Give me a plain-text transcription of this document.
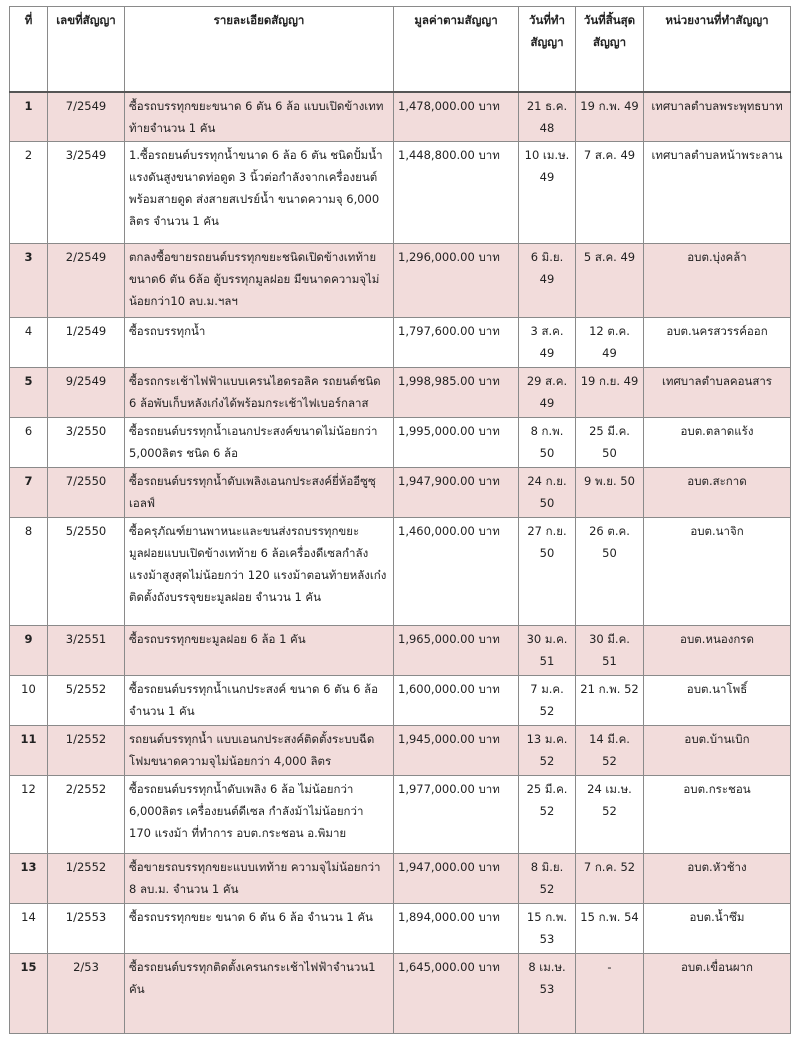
ที่	เลขที่สัญญา	รายละเอียดสัญญา	มูลค่าตามสัญญา	วันที่ทำสัญญา	วันที่สิ้นสุดสัญญา	หน่วยงานที่ทำสัญญา
1	7/2549	ซื้อรถบรรทุกขยะขนาด 6 ตัน 6 ล้อ แบบเปิดข้างเททท้ายจำนวน 1 คัน	1,478,000.00 บาท	21 ธ.ค. 48	19 ก.พ. 49	เทศบาลตำบลพระพุทธบาท
2	3/2549	1.ซื้อรถยนต์บรรทุกน้ำขนาด 6 ล้อ 6 ตัน ชนิดปั้มน้ำแรงดันสูงขนาดท่อดูด 3 นิ้วต่อกำลังจากเครื่องยนต์พร้อมสายดูด ส่งสายสเปรย์น้ำ ขนาดความจุ 6,000 ลิตร จำนวน 1 คัน	1,448,800.00 บาท	10 เม.ษ. 49	7 ส.ค. 49	เทศบาลตำบลหน้าพระลาน
3	2/2549	ตกลงซื้อขายรถยนต์บรรทุกขยะชนิดเปิดข้างเทท้ายขนาด6 ตัน 6ล้อ ตู้บรรทุกมูลฝอย มีขนาดความจุไม่น้อยกว่า10 ลบ.ม.ฯลฯ	1,296,000.00 บาท	6 มิ.ย. 49	5 ส.ค. 49	อบต.บุ่งคล้า
4	1/2549	ซื้อรถบรรทุกน้ำ	1,797,600.00 บาท	3 ส.ค. 49	12 ต.ค. 49	อบต.นครสวรรค์ออก
5	9/2549	ซื้อรถกระเช้าไฟฟ้าแบบเครนไฮดรอลิค รถยนต์ชนิด 6 ล้อพับเก็บหลังเก๋งได้พร้อมกระเช้าไฟเบอร์กลาส	1,998,985.00 บาท	29 ส.ค. 49	19 ก.ย. 49	เทศบาลตำบลคอนสาร
6	3/2550	ซื้อรถยนต์บรรทุกน้ำเอนกประสงค์ขนาดไม่น้อยกว่า 5,000ลิตร ชนิด 6 ล้อ	1,995,000.00 บาท	8 ก.พ. 50	25 มี.ค. 50	อบต.ตลาดแร้ง
7	7/2550	ซื้อรถยนต์บรรทุกน้ำดับเพลิงเอนกประสงค์ยี่ห้ออีซูซุ เอลฟ์	1,947,900.00 บาท	24 ก.ย. 50	9 พ.ย. 50	อบต.สะกาด
8	5/2550	ซื้อครุภัณฑ์ยานพาหนะและขนส่งรถบรรทุกขยะมูลฝอยแบบเปิดข้างเทท้าย 6 ล้อเครื่องดีเซลกำลังแรงม้าสูงสุดไม่น้อยกว่า 120 แรงม้าตอนท้ายหลังเก๋งติดตั้งถังบรรจุขยะมูลฝอย จำนวน 1 คัน	1,460,000.00 บาท	27 ก.ย. 50	26 ต.ค. 50	อบต.นาจิก
9	3/2551	ซื้อรถบรรทุกขยะมูลฝอย 6 ล้อ 1 คัน	1,965,000.00 บาท	30 ม.ค. 51	30 มี.ค. 51	อบต.หนองกรด
10	5/2552	ซื้อรถยนต์บรรทุกน้ำเนกประสงค์ ขนาด 6 ตัน 6 ล้อ จำนวน 1 คัน	1,600,000.00 บาท	7 ม.ค. 52	21 ก.พ. 52	อบต.นาโพธิ์
11	1/2552	รถยนต์บรรทุกน้ำ แบบเอนกประสงค์ติดตั้งระบบฉีดโฟมขนาดความจุไม่น้อยกว่า 4,000 ลิตร	1,945,000.00 บาท	13 ม.ค. 52	14 มี.ค. 52	อบต.บ้านเบิก
12	2/2552	ซื้อรถยนต์บรรทุกน้ำดับเพลิง 6 ล้อ ไม่น้อยกว่า 6,000ลิตร เครื่องยนต์ดีเซล กำลังม้าไม่น้อยกว่า 170 แรงม้า ที่ทำการ อบต.กระชอน อ.พิมาย	1,977,000.00 บาท	25 มี.ค. 52	24 เม.ษ. 52	อบต.กระชอน
13	1/2552	ซื้อขายรถบรรทุกขยะแบบเทท้าย ความจุไม่น้อยกว่า 8 ลบ.ม. จำนวน 1 คัน	1,947,000.00 บาท	8 มิ.ย. 52	7 ก.ค. 52	อบต.หัวช้าง
14	1/2553	ซื้อรถบรรทุกขยะ ขนาด 6 ตัน 6 ล้อ จำนวน 1 คัน	1,894,000.00 บาท	15 ก.พ. 53	15 ก.พ. 54	อบต.น้ำซึม
15	2/53	ซื้อรถยนต์บรรทุกติดตั้งเครนกระเช้าไฟฟ้าจำนวน1 คัน	1,645,000.00 บาท	8 เม.ษ. 53	-	อบต.เขื่อนผาก
